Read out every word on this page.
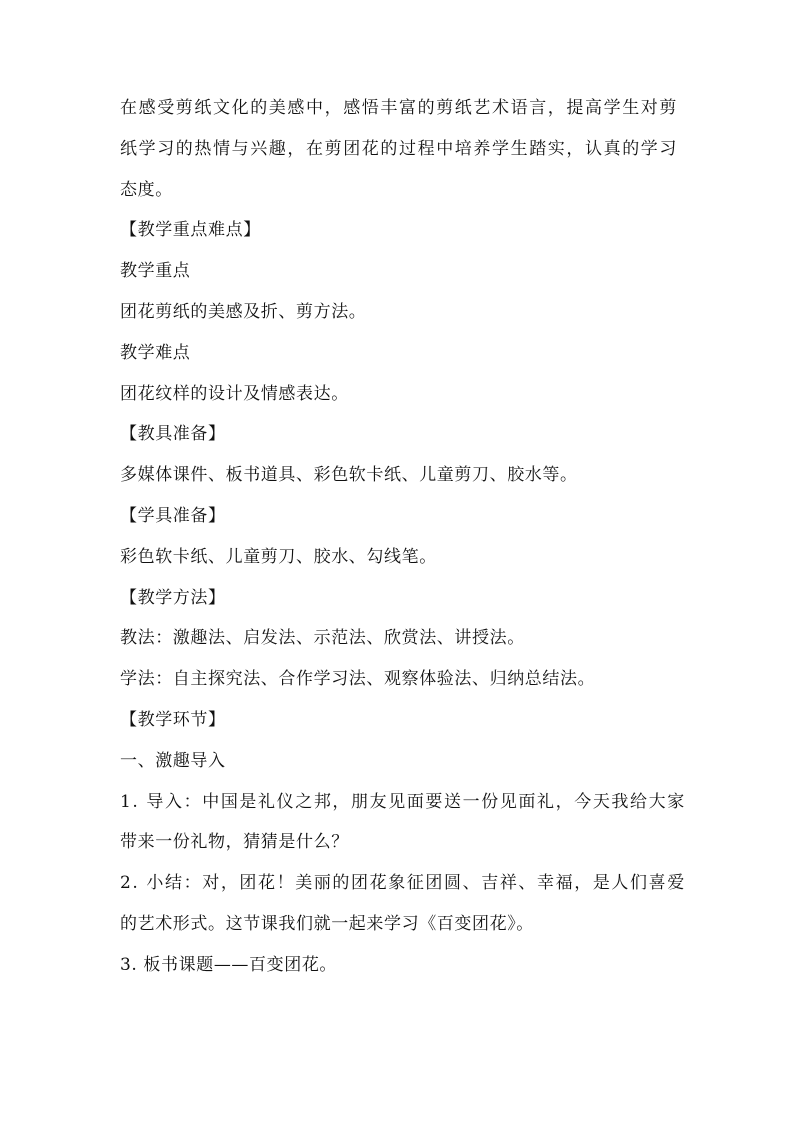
在感受剪纸文化的美感中，感悟丰富的剪纸艺术语言，提高学生对剪
纸学习的热情与兴趣，在剪团花的过程中培养学生踏实，认真的学习
态度。
【教学重点难点】
教学重点
团花剪纸的美感及折、剪方法。
教学难点
团花纹样的设计及情感表达。
【教具准备】
多媒体课件、板书道具、彩色软卡纸、儿童剪刀、胶水等。
【学具准备】
彩色软卡纸、儿童剪刀、胶水、勾线笔。
【教学方法】
教法：激趣法、启发法、示范法、欣赏法、讲授法。
学法：自主探究法、合作学习法、观察体验法、归纳总结法。
【教学环节】
一、激趣导入
1. 导入：中国是礼仪之邦，朋友见面要送一份见面礼，今天我给大家
带来一份礼物，猜猜是什么？
2. 小结：对，团花！美丽的团花象征团圆、吉祥、幸福，是人们喜爱
的艺术形式。这节课我们就一起来学习《百变团花》。
3. 板书课题——百变团花。
